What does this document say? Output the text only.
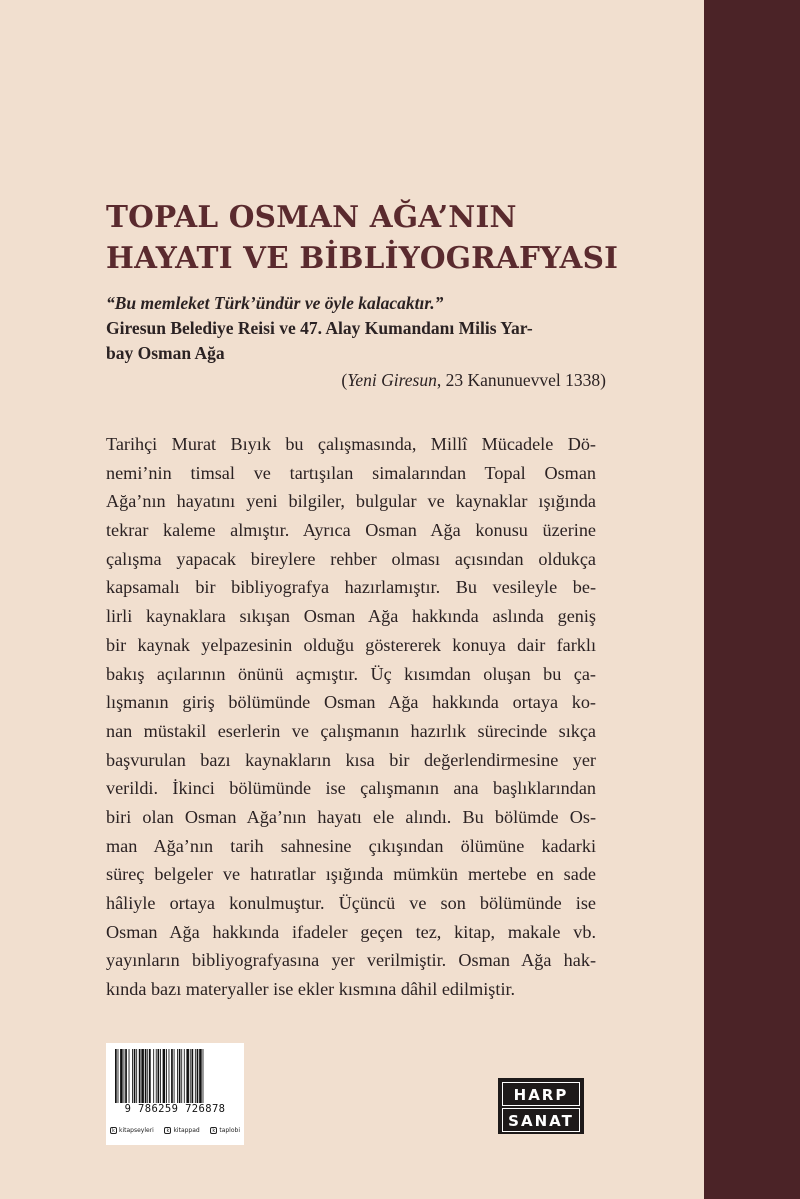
TOPAL OSMAN AĞA’NIN
HAYATI VE BİBLİYOGRAFYASI
“Bu memleket Türk’ündür ve öyle kalacaktır.”
Giresun Belediye Reisi ve 47. Alay Kumandanı Milis Yar-
bay Osman Ağa
(Yeni Giresun, 23 Kanunuevvel 1338)
Tarihçi Murat Bıyık bu çalışmasında, Millî Mücadele Dö-
nemi’nin timsal ve tartışılan simalarından Topal Osman
Ağa’nın hayatını yeni bilgiler, bulgular ve kaynaklar ışığında
tekrar kaleme almıştır. Ayrıca Osman Ağa konusu üzerine
çalışma yapacak bireylere rehber olması açısından oldukça
kapsamalı bir bibliyografya hazırlamıştır. Bu vesileyle be-
lirli kaynaklara sıkışan Osman Ağa hakkında aslında geniş
bir kaynak yelpazesinin olduğu göstererek konuya dair farklı
bakış açılarının önünü açmıştır. Üç kısımdan oluşan bu ça-
lışmanın giriş bölümünde Osman Ağa hakkında ortaya ko-
nan müstakil eserlerin ve çalışmanın hazırlık sürecinde sıkça
başvurulan bazı kaynakların kısa bir değerlendirmesine yer
verildi. İkinci bölümünde ise çalışmanın ana başlıklarından
biri olan Osman Ağa’nın hayatı ele alındı. Bu bölümde Os-
man Ağa’nın tarih sahnesine çıkışından ölümüne kadarki
süreç belgeler ve hatıratlar ışığında mümkün mertebe en sade
hâliyle ortaya konulmuştur. Üçüncü ve son bölümünde ise
Osman Ağa hakkında ifadeler geçen tez, kitap, makale vb.
yayınların bibliyografyasına yer verilmiştir. Osman Ağa hak-
kında bazı materyaller ise ekler kısmına dâhil edilmiştir.
9 786259 726878
k kitapseyleri	k kitappad	k taplobi
HARP
SANAT
